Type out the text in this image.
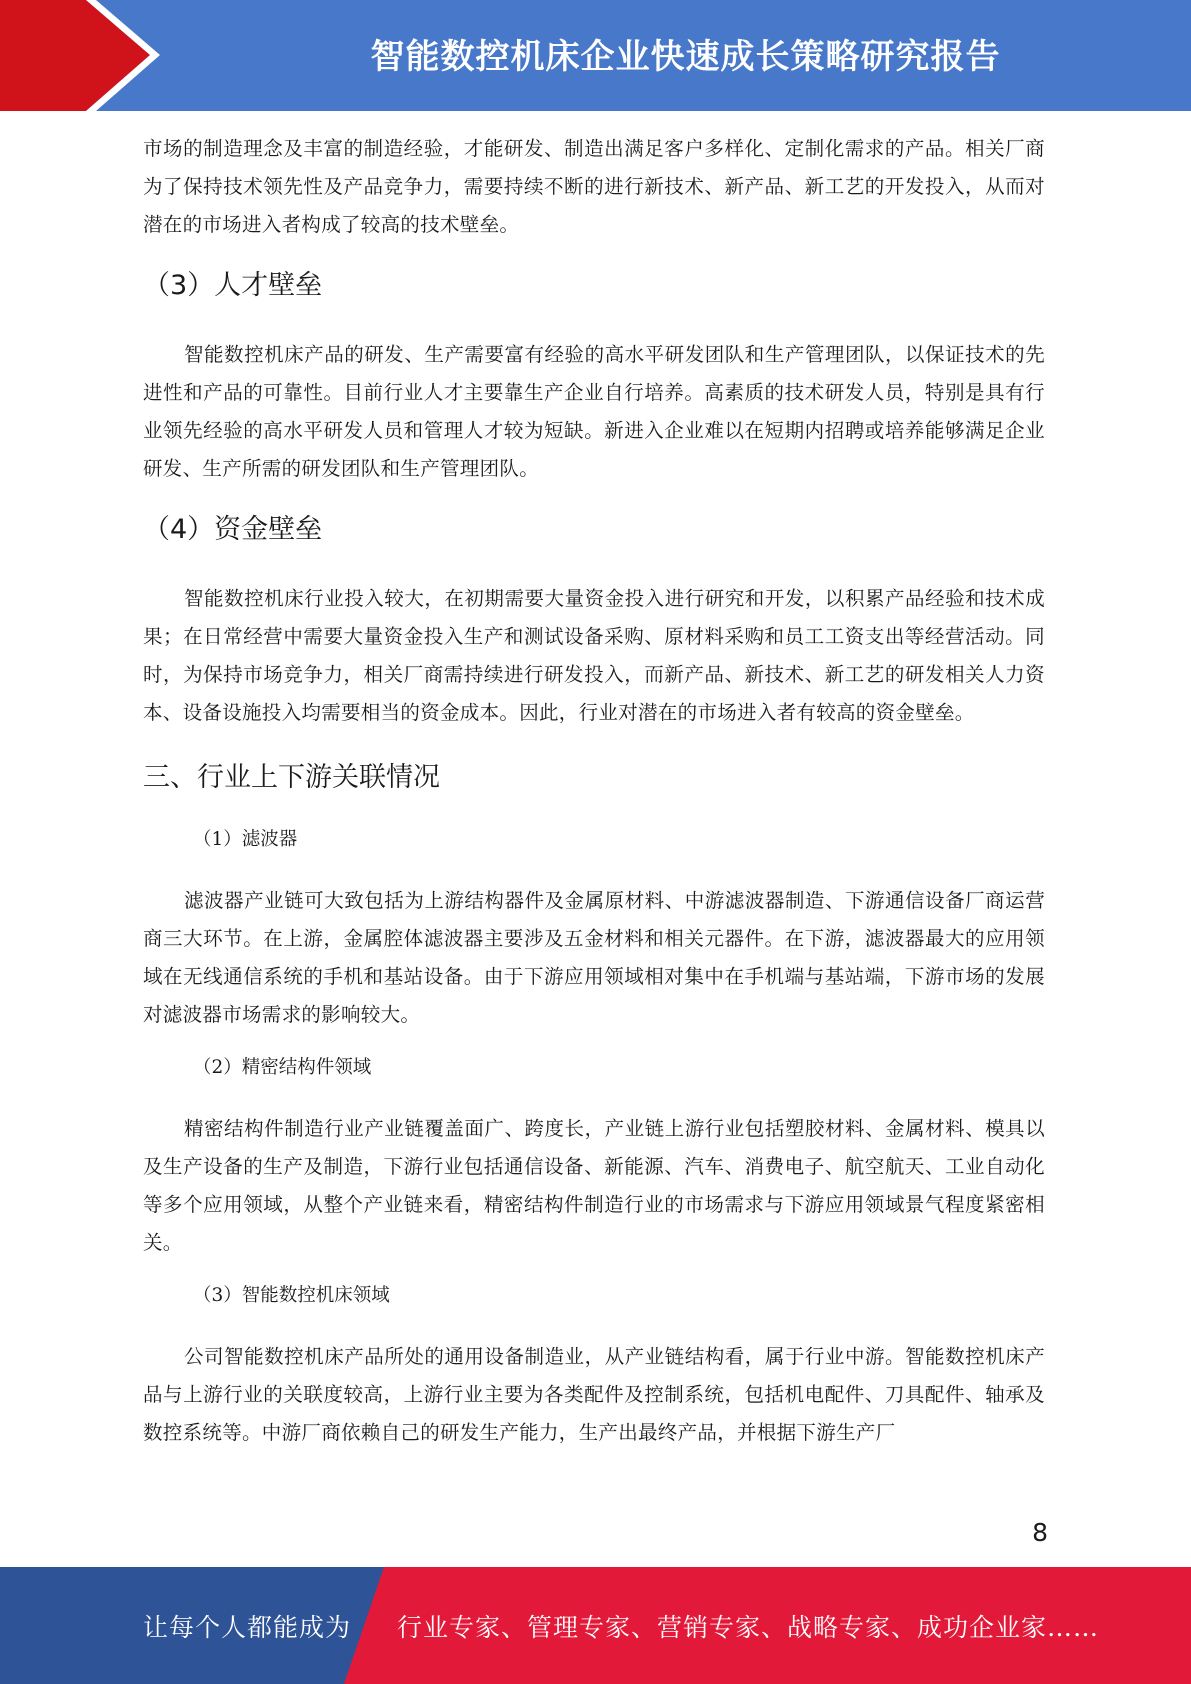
智能数控机床企业快速成长策略研究报告

市场的制造理念及丰富的制造经验，才能研发、制造出满足客户多样化、定制化需求的产品。相关厂商为了保持技术领先性及产品竞争力，需要持续不断的进行新技术、新产品、新工艺的开发投入，从而对潜在的市场进入者构成了较高的技术壁垒。

（3）人才壁垒

智能数控机床产品的研发、生产需要富有经验的高水平研发团队和生产管理团队，以保证技术的先进性和产品的可靠性。目前行业人才主要靠生产企业自行培养。高素质的技术研发人员，特别是具有行业领先经验的高水平研发人员和管理人才较为短缺。新进入企业难以在短期内招聘或培养能够满足企业研发、生产所需的研发团队和生产管理团队。

（4）资金壁垒

智能数控机床行业投入较大，在初期需要大量资金投入进行研究和开发，以积累产品经验和技术成果；在日常经营中需要大量资金投入生产和测试设备采购、原材料采购和员工工资支出等经营活动。同时，为保持市场竞争力，相关厂商需持续进行研发投入，而新产品、新技术、新工艺的研发相关人力资本、设备设施投入均需要相当的资金成本。因此，行业对潜在的市场进入者有较高的资金壁垒。

三、行业上下游关联情况
（1）滤波器

滤波器产业链可大致包括为上游结构器件及金属原材料、中游滤波器制造、下游通信设备厂商运营商三大环节。在上游，金属腔体滤波器主要涉及五金材料和相关元器件。在下游，滤波器最大的应用领域在无线通信系统的手机和基站设备。由于下游应用领域相对集中在手机端与基站端，下游市场的发展对滤波器市场需求的影响较大。

（2）精密结构件领域

精密结构件制造行业产业链覆盖面广、跨度长，产业链上游行业包括塑胶材料、金属材料、模具以及生产设备的生产及制造，下游行业包括通信设备、新能源、汽车、消费电子、航空航天、工业自动化等多个应用领域，从整个产业链来看，精密结构件制造行业的市场需求与下游应用领域景气程度紧密相关。

（3）智能数控机床领域

公司智能数控机床产品所处的通用设备制造业，从产业链结构看，属于行业中游。智能数控机床产品与上游行业的关联度较高，上游行业主要为各类配件及控制系统，包括机电配件、刀具配件、轴承及数控系统等。中游厂商依赖自己的研发生产能力，生产出最终产品，并根据下游生产厂

8
让每个人都能成为 行业专家、管理专家、营销专家、战略专家、成功企业家……
